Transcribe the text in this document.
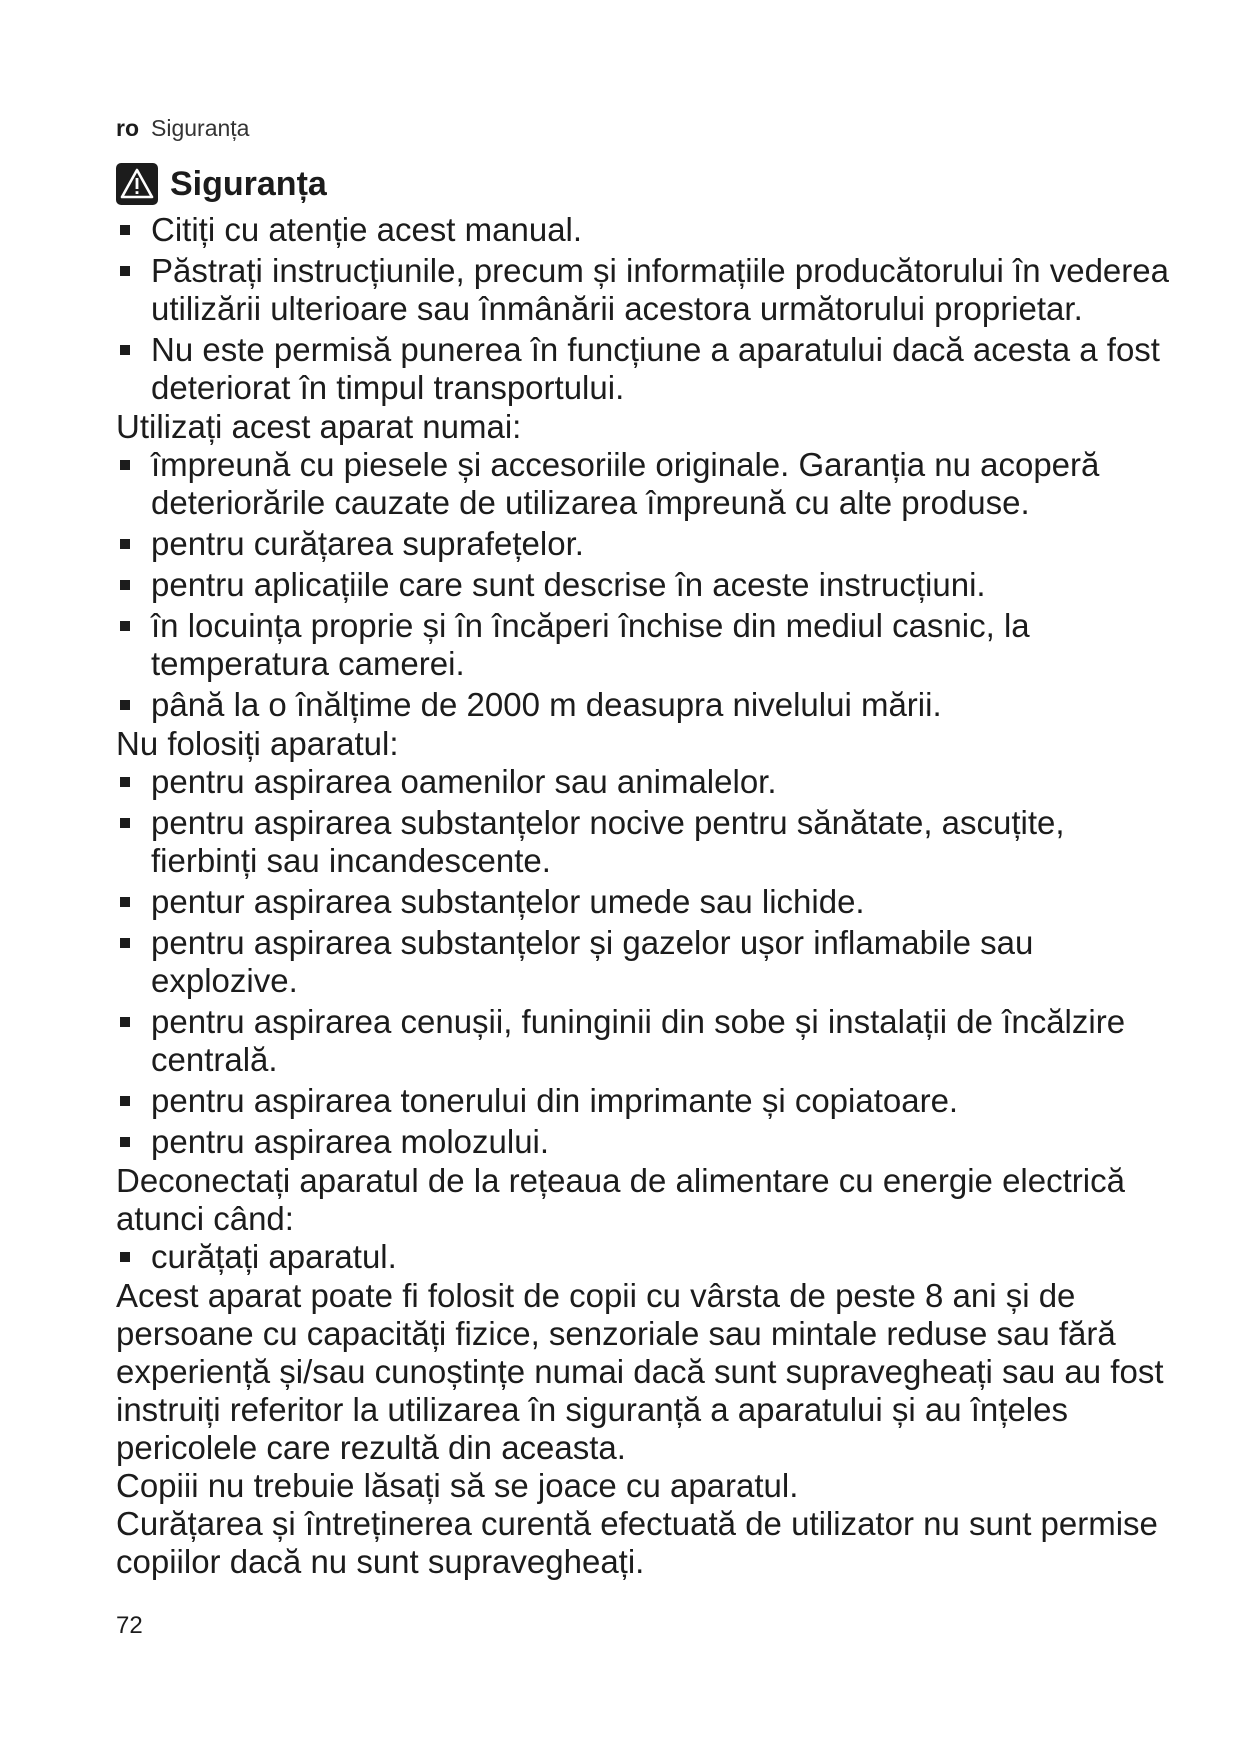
ro Siguranța
Siguranța
Citiți cu atenție acest manual.
Păstrați instrucțiunile, precum și informațiile producătorului în vederea utilizării ulterioare sau înmânării acestora următorului proprietar.
Nu este permisă punerea în funcțiune a aparatului dacă acesta a fost deteriorat în timpul transportului.

Utilizați acest aparat numai:

împreună cu piesele și accesoriile originale. Garanția nu acoperă deteriorările cauzate de utilizarea împreună cu alte produse.
pentru curățarea suprafețelor.
pentru aplicațiile care sunt descrise în aceste instrucțiuni.
în locuința proprie și în încăperi închise din mediul casnic, la temperatura camerei.
până la o înălțime de 2000 m deasupra nivelului mării.

Nu folosiți aparatul:

pentru aspirarea oamenilor sau animalelor.
pentru aspirarea substanțelor nocive pentru sănătate, ascuțite, fierbinți sau incandescente.
pentur aspirarea substanțelor umede sau lichide.
pentru aspirarea substanțelor și gazelor ușor inflamabile sau explozive.
pentru aspirarea cenușii, funinginii din sobe și instalații de încălzire centrală.
pentru aspirarea tonerului din imprimante și copiatoare.
pentru aspirarea molozului.

Deconectați aparatul de la rețeaua de alimentare cu energie electrică atunci când:

curățați aparatul.

Acest aparat poate fi folosit de copii cu vârsta de peste 8 ani și de persoane cu capacități fizice, senzoriale sau mintale reduse sau fără experiență și/sau cunoștințe numai dacă sunt supravegheați sau au fost instruiți referitor la utilizarea în siguranță a aparatului și au înțeles pericolele care rezultă din aceasta.

Copiii nu trebuie lăsați să se joace cu aparatul.

Curățarea și întreținerea curentă efectuată de utilizator nu sunt permise copiilor dacă nu sunt supravegheați.

72
